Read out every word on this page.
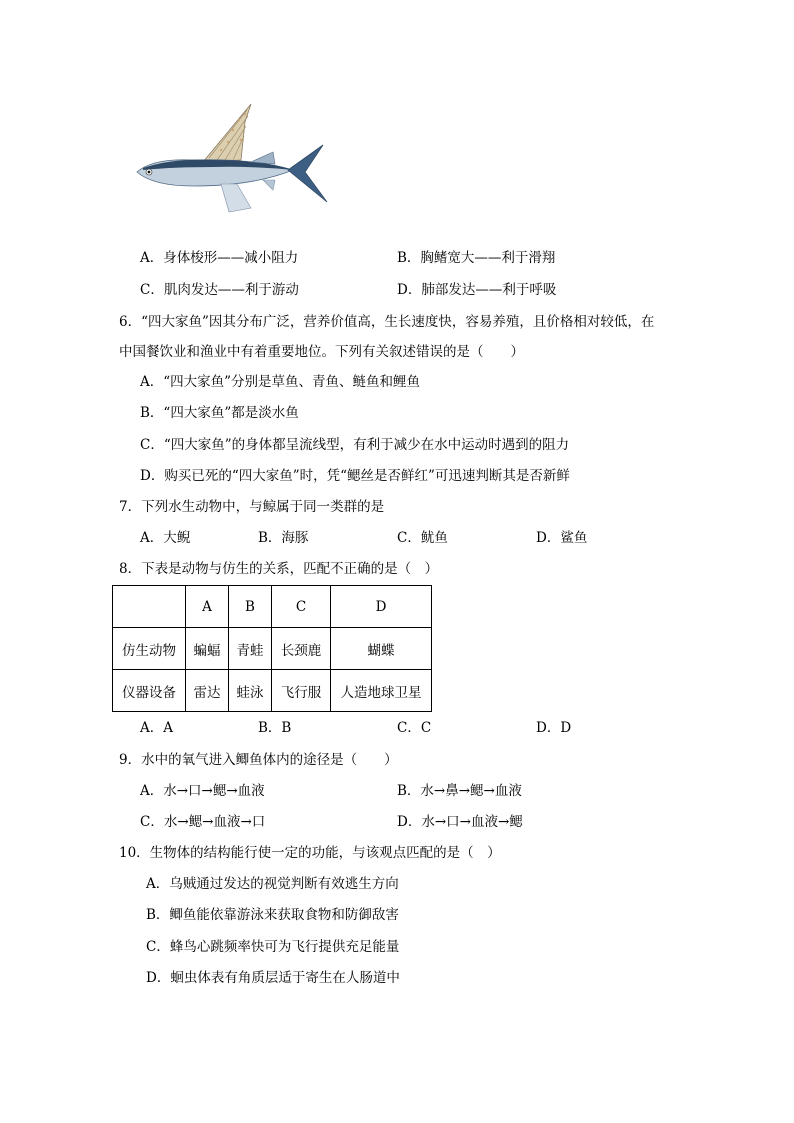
A．身体梭形——减小阻力	B．胸鳍宽大——利于滑翔
C．肌肉发达——利于游动	D．肺部发达——利于呼吸
6．“四大家鱼”因其分布广泛，营养价值高，生长速度快，容易养殖，且价格相对较低，在
中国餐饮业和渔业中有着重要地位。下列有关叙述错误的是（　　）
A．“四大家鱼”分别是草鱼、青鱼、鲢鱼和鲤鱼
B．“四大家鱼”都是淡水鱼
C．“四大家鱼”的身体都呈流线型，有利于减少在水中运动时遇到的阻力
D．购买已死的“四大家鱼”时，凭“鳃丝是否鲜红”可迅速判断其是否新鲜
7．下列水生动物中，与鲸属于同一类群的是
A．大鲵	B．海豚	C．鱿鱼	D．鲨鱼
8．下表是动物与仿生的关系，匹配不正确的是（　）
	A	B	C	D
仿生动物	蝙蝠	青蛙	长颈鹿	蝴蝶
仪器设备	雷达	蛙泳	飞行服	人造地球卫星
A．A	B．B	C．C	D．D
9．水中的氧气进入鲫鱼体内的途径是（　　）
A．水→口→鳃→血液	B．水→鼻→鳃→血液
C．水→鳃→血液→口	D．水→口→血液→鳃
10．生物体的结构能行使一定的功能，与该观点匹配的是（　）
A．乌贼通过发达的视觉判断有效逃生方向
B．鲫鱼能依靠游泳来获取食物和防御敌害
C．蜂鸟心跳频率快可为飞行提供充足能量
D．蛔虫体表有角质层适于寄生在人肠道中
